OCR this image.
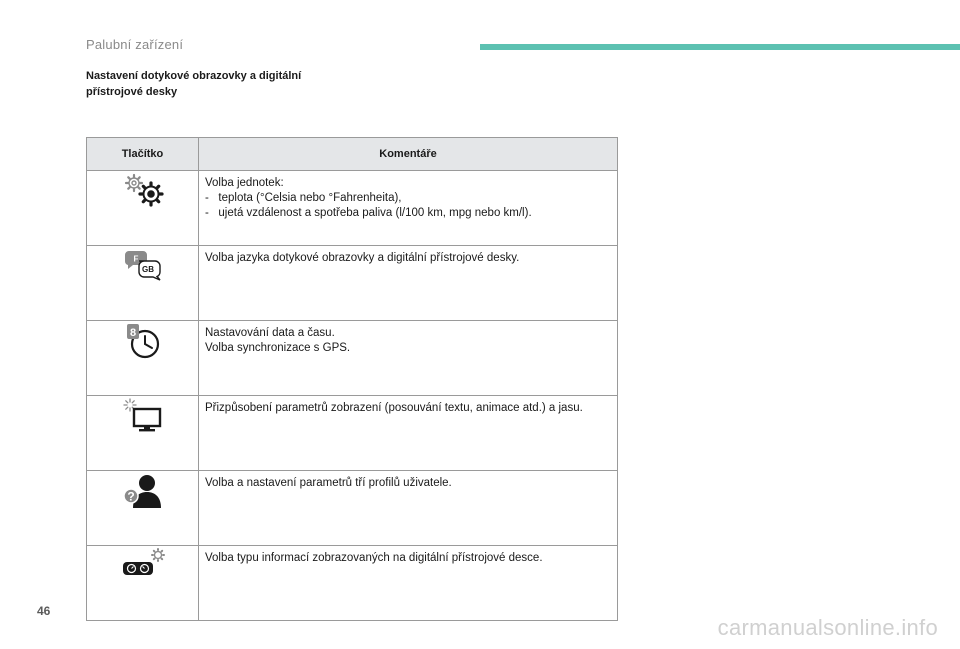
Palubní zařízení
Nastavení dotykové obrazovky a digitální
přístrojové desky
Tlačítko	Komentáře

Volba jednotek:
-   teplota (°Celsia nebo °Fahrenheita),
-   ujetá vzdálenost a spotřeba paliva (l/100 km, mpg nebo km/l).

F
GB	Volba jazyka dotykové obrazovky a digitální přístrojové desky.

8	Nastavování data a času.
Volba synchronizace s GPS.

Přizpůsobení parametrů zobrazení (posouvání textu, animace atd.) a jasu.

?	Volba a nastavení parametrů tří profilů uživatele.

Volba typu informací zobrazovaných na digitální přístrojové desce.
46
carmanualsonline.info
